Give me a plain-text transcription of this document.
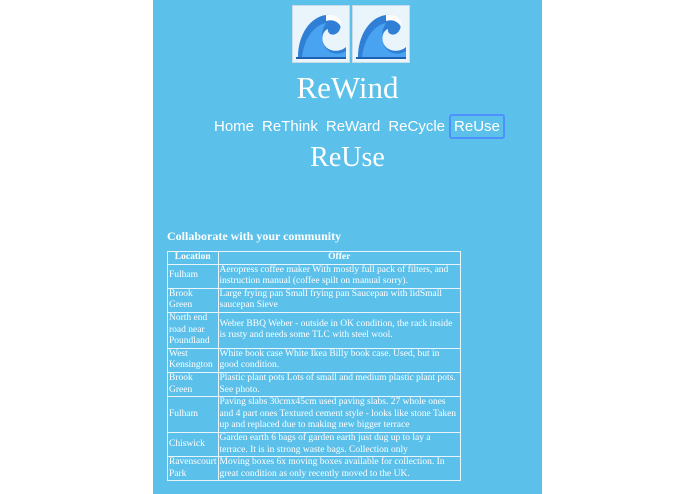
ReWind
Home ReThink ReWard ReCycle ReUse
ReUse
Collaborate with your community
Location	Offer
Fulham	Aeropress coffee maker With mostly full pack of filters, and instruction manual (coffee spilt on manual sorry).
Brook Green	Large frying pan Small frying pan Saucepan with lidSmall saucepan Sieve
North end road near Poundland	Weber BBQ Weber - outside in OK condition, the rack inside is rusty and needs some TLC with steel wool.
West Kensington	White book case White Ikea Billy book case. Used, but in good condition.
Brook Green	Plastic plant pots Lots of small and medium plastic plant pots. See photo.
Fulham	Paving slabs 30cmx45cm used paving slabs. 27 whole ones and 4 part ones Textured cement style - looks like stone Taken up and replaced due to making new bigger terrace
Chiswick	Garden earth 6 bags of garden earth just dug up to lay a terrace. It is in strong waste bags. Collection only
Ravenscourt Park	Moving boxes 6x moving boxes available for collection. In great condition as only recently moved to the UK.
